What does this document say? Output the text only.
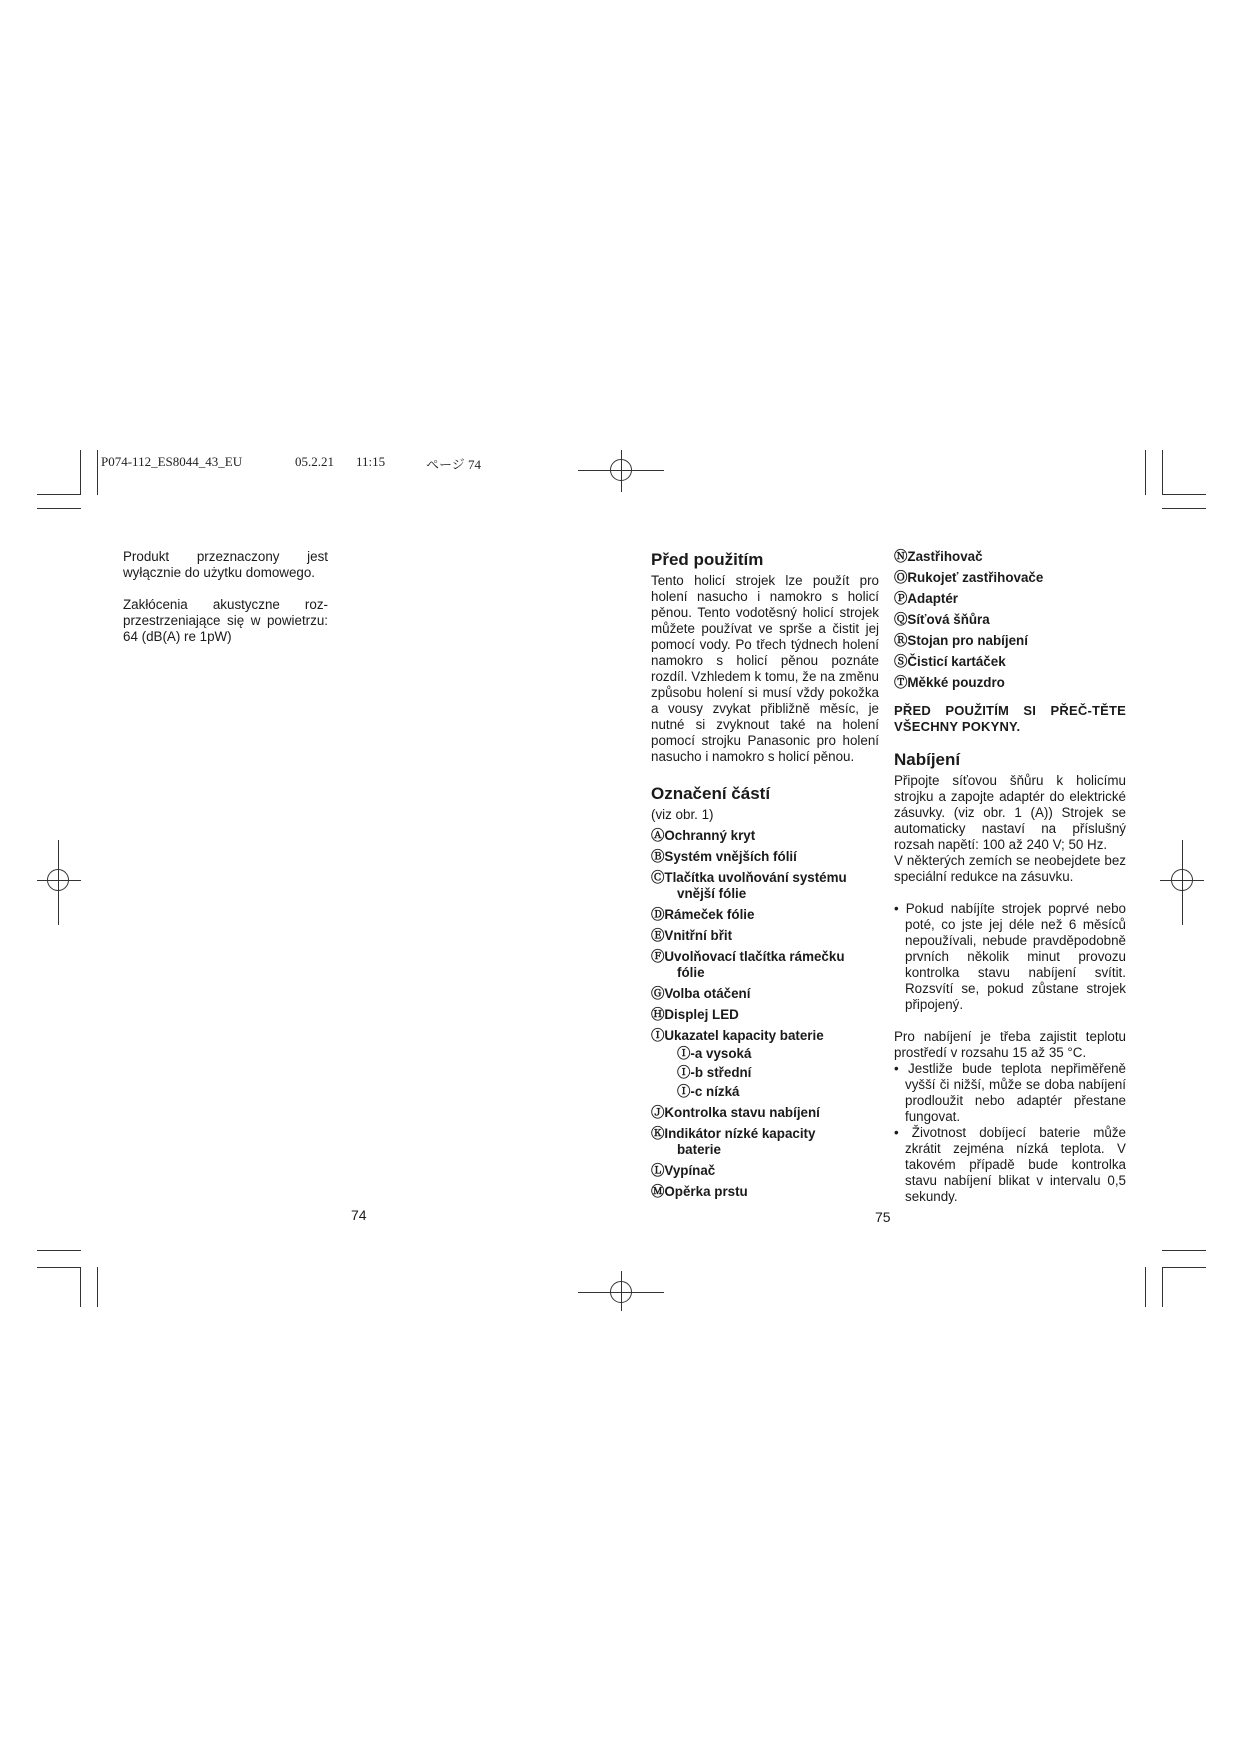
P074-112_ES8044_43_EU	05.2.21 11:15	ページ 74

Produkt przeznaczony jest wyłącznie do użytku domowego.

Zakłócenia akustyczne roz-przestrzeniające się w powietrzu: 64 (dB(A) re 1pW)

74
Před použitím

Tento holicí strojek lze použít pro holení nasucho i namokro s holicí pěnou. Tento vodotěsný holicí strojek můžete používat ve sprše a čistit jej pomocí vody. Po třech týdnech holení namokro s holicí pěnou poznáte rozdíl. Vzhledem k tomu, že na změnu způsobu holení si musí vždy pokožka a vousy zvykat přibližně měsíc, je nutné si zvyknout také na holení pomocí strojku Panasonic pro holení nasucho i namokro s holicí pěnou.

Označení částí

(viz obr. 1)

ⒶOchranný kryt
ⒷSystém vnějších fólií
ⒸTlačítka uvolňování systému
vnější fólie
ⒹRámeček fólie
ⒺVnitřní břit
ⒻUvolňovací tlačítka rámečku
fólie
ⒼVolba otáčení
ⒽDisplej LED
ⒾUkazatel kapacity baterie
Ⓘ-a vysoká
Ⓘ-b střední
Ⓘ-c nízká
ⒿKontrolka stavu nabíjení
ⓀIndikátor nízké kapacity
baterie
ⓁVypínač
ⓂOpěrka prstu
75
ⓃZastřihovač
ⓄRukojeť zastřihovače
ⓅAdaptér
ⓆSíťová šňůra
ⓇStojan pro nabíjení
ⓈČisticí kartáček
ⓉMěkké pouzdro

PŘED POUŽITÍM SI PŘEČ-TĚTE VŠECHNY POKYNY.

Nabíjení

Připojte síťovou šňůru k holicímu strojku a zapojte adaptér do elektrické zásuvky. (viz obr. 1 (A)) Strojek se automaticky nastaví na příslušný rozsah napětí: 100 až 240 V; 50 Hz.

V některých zemích se neobejdete bez speciální redukce na zásuvku.

• Pokud nabíjíte strojek poprvé nebo poté, co jste jej déle než 6 měsíců nepoužívali, nebude pravděpodobně prvních několik minut provozu kontrolka stavu nabíjení svítit. Rozsvítí se, pokud zůstane strojek připojený.

Pro nabíjení je třeba zajistit teplotu prostředí v rozsahu 15 až 35 °C.

• Jestliže bude teplota nepřiměřeně vyšší či nižší, může se doba nabíjení prodloužit nebo adaptér přestane fungovat.

• Životnost dobíjecí baterie může zkrátit zejména nízká teplota. V takovém případě bude kontrolka stavu nabíjení blikat v intervalu 0,5 sekundy.
